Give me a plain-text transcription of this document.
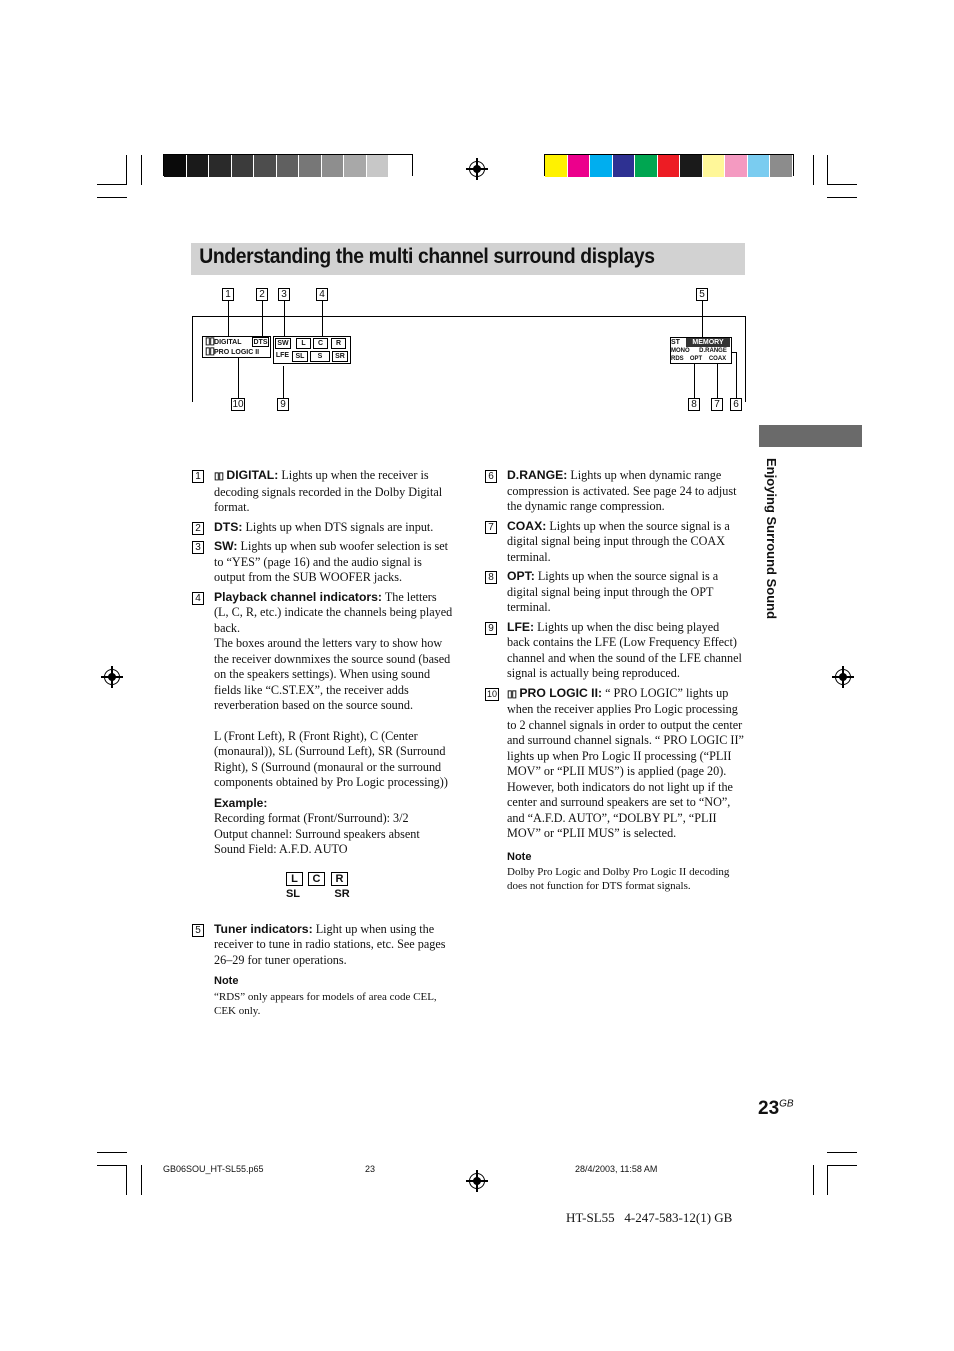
Understanding the multi channel surround displays
1	2	3	4	5
10	9	8	7	6
▯▯DIGITAL	DTS
▯▯PRO LOGIC II
SW
LFE
L	C	R
SL	S	SR
ST	MEMORY
MONO	D.RANGE
RDS	OPT	COAX
Enjoying Surround Sound
1	▯▯ DIGITAL: Lights up when the receiver is decoding signals recorded in the Dolby Digital format.
2 DTS: Lights up when DTS signals are input.
3 SW: Lights up when sub woofer selection is set to “YES” (page 16) and the audio signal is output from the SUB WOOFER jacks.
4 Playback channel indicators: The letters (L, C, R, etc.) indicate the channels being played back.
The boxes around the letters vary to show how the receiver downmixes the source sound (based on the speakers settings). When using sound fields like “C.ST.EX”, the receiver adds reverberation based on the source sound.
L (Front Left), R (Front Right), C (Center (monaural)), SL (Surround Left), SR (Surround Right), S (Surround (monaural or the surround components obtained by Pro Logic processing))
Example:
Recording format (Front/Surround): 3/2
Output channel: Surround speakers absent
Sound Field: A.F.D. AUTO
L	C	R
SL	SR
5 Tuner indicators: Light up when using the receiver to tune in radio stations, etc. See pages 26–29 for tuner operations.
Note
“RDS” only appears for models of area code CEL, CEK only.
6 D.RANGE: Lights up when dynamic range compression is activated. See page 24 to adjust the dynamic range compression.
7 COAX: Lights up when the source signal is a digital signal being input through the COAX terminal.
8 OPT: Lights up when the source signal is a digital signal being input through the OPT terminal.
9 LFE: Lights up when the disc being played back contains the LFE (Low Frequency Effect) channel and when the sound of the LFE channel signal is actually being reproduced.
10 ▯▯ PRO LOGIC II: “ PRO LOGIC” lights up when the receiver applies Pro Logic processing to 2 channel signals in order to output the center and surround channel signals. “ PRO LOGIC II” lights up when Pro Logic II processing (“PLII MOV” or “PLII MUS”) is applied (page 20). However, both indicators do not light up if the center and surround speakers are set to “NO”, and “A.F.D. AUTO”, “DOLBY PL”, “PLII MOV” or “PLII MUS” is selected.
Note
Dolby Pro Logic and Dolby Pro Logic II decoding does not function for DTS format signals.
$23^{GB}$
GB06SOU_HT-SL55.p65	23	28/4/2003, 11:58 AM
HT-SL55   4-247-583-12(1) GB
